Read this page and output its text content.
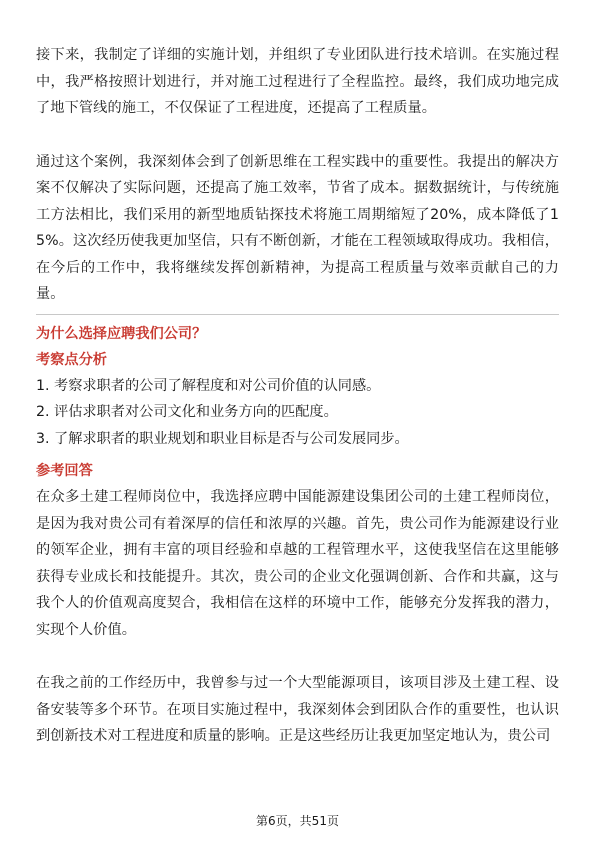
接下来，我制定了详细的实施计划，并组织了专业团队进行技术培训。在实施过程中，我严格按照计划进行，并对施工过程进行了全程监控。最终，我们成功地完成了地下管线的施工，不仅保证了工程进度，还提高了工程质量。

通过这个案例，我深刻体会到了创新思维在工程实践中的重要性。我提出的解决方案不仅解决了实际问题，还提高了施工效率，节省了成本。据数据统计，与传统施工方法相比，我们采用的新型地质钻探技术将施工周期缩短了20%，成本降低了15%。这次经历使我更加坚信，只有不断创新，才能在工程领域取得成功。我相信，在今后的工作中，我将继续发挥创新精神，为提高工程质量与效率贡献自己的力量。

为什么选择应聘我们公司？
考察点分析
1. 考察求职者的公司了解程度和对公司价值的认同感。
2. 评估求职者对公司文化和业务方向的匹配度。
3. 了解求职者的职业规划和职业目标是否与公司发展同步。
参考回答

在众多土建工程师岗位中，我选择应聘中国能源建设集团公司的土建工程师岗位，是因为我对贵公司有着深厚的信任和浓厚的兴趣。首先，贵公司作为能源建设行业的领军企业，拥有丰富的项目经验和卓越的工程管理水平，这使我坚信在这里能够获得专业成长和技能提升。其次，贵公司的企业文化强调创新、合作和共赢，这与我个人的价值观高度契合，我相信在这样的环境中工作，能够充分发挥我的潜力，实现个人价值。

在我之前的工作经历中，我曾参与过一个大型能源项目，该项目涉及土建工程、设备安装等多个环节。在项目实施过程中，我深刻体会到团队合作的重要性，也认识到创新技术对工程进度和质量的影响。正是这些经历让我更加坚定地认为，贵公司

第6页，共51页
